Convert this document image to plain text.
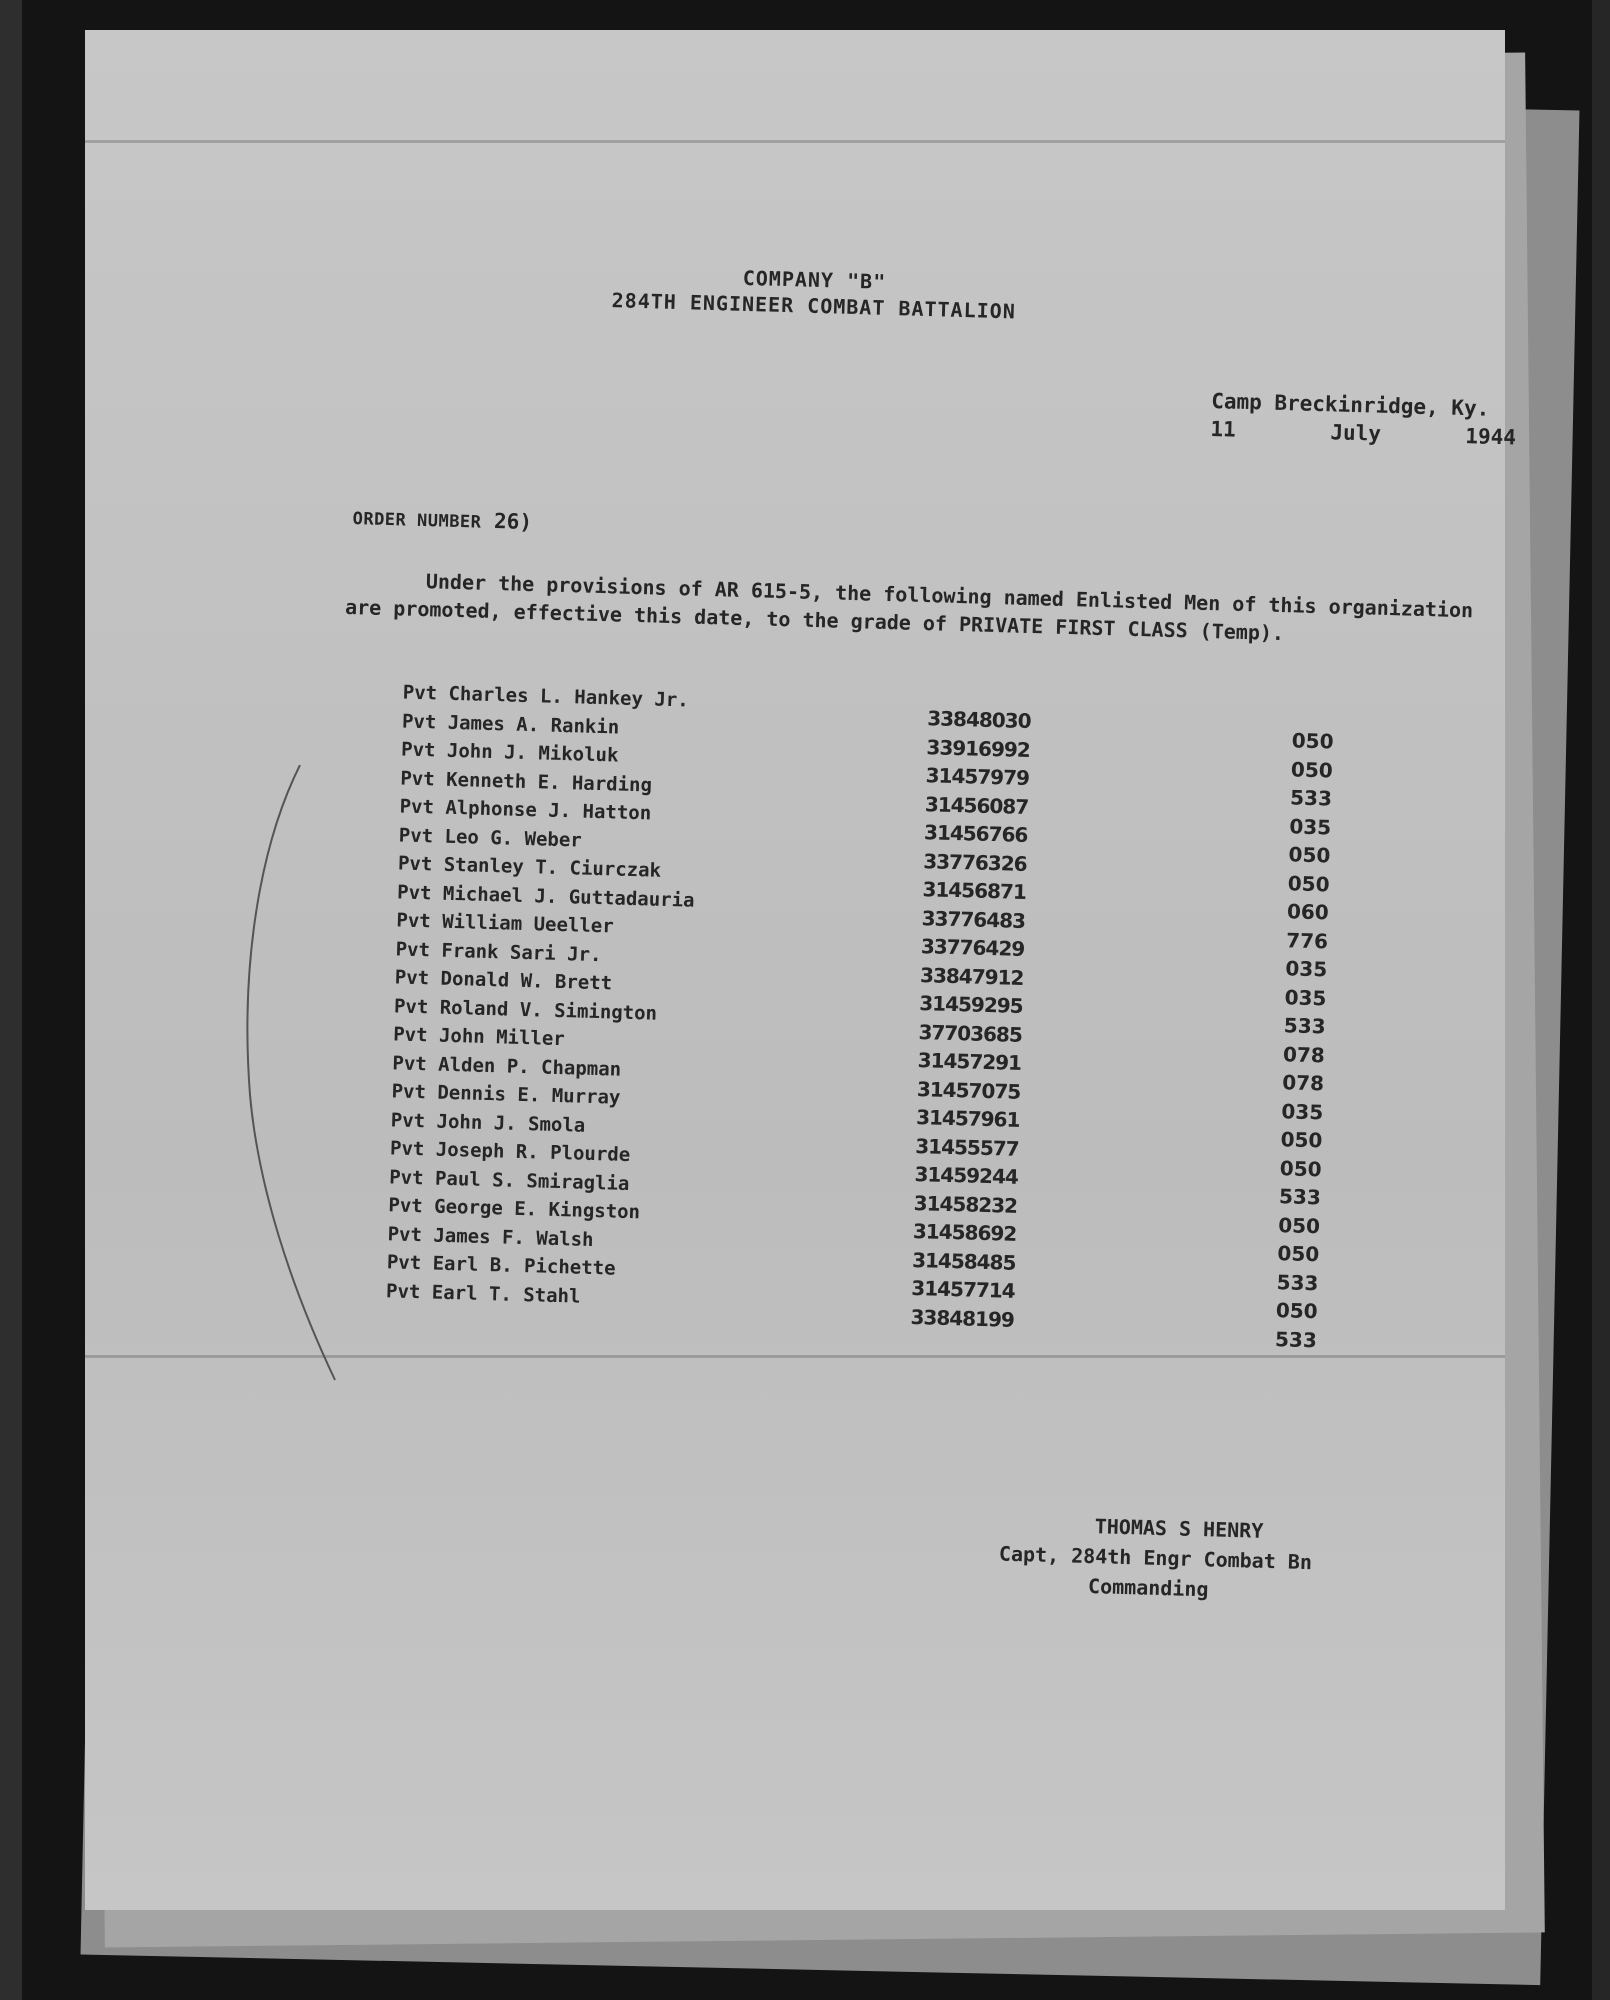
COMPANY "B"
284TH ENGINEER COMBAT BATTALION
Camp Breckinridge, Ky.
11	July	1944
ORDER NUMBER 26)

Under the provisions of AR 615-5, the following named Enlisted Men of this organization are promoted, effective this date, to the grade of PRIVATE FIRST CLASS (Temp).

Pvt Charles L. Hankey Jr.
33848030
050
Pvt James A. Rankin
33916992
050
Pvt John J. Mikoluk
31457979
533
Pvt Kenneth E. Harding
31456087
035
Pvt Alphonse J. Hatton
31456766
050
Pvt Leo G. Weber
33776326
050
Pvt Stanley T. Ciurczak
31456871
060
Pvt Michael J. Guttadauria
33776483
776
Pvt William Ueeller
33776429
035
Pvt Frank Sari Jr.
33847912
035
Pvt Donald W. Brett
31459295
533
Pvt Roland V. Simington
37703685
078
Pvt John Miller
31457291
078
Pvt Alden P. Chapman
31457075
035
Pvt Dennis E. Murray
31457961
050
Pvt John J. Smola
31455577
050
Pvt Joseph R. Plourde
31459244
533
Pvt Paul S. Smiraglia
31458232
050
Pvt George E. Kingston
31458692
050
Pvt James F. Walsh
31458485
533
Pvt Earl B. Pichette
31457714
050
Pvt Earl T. Stahl
33848199
533
THOMAS S HENRY
Capt, 284th Engr Combat Bn
Commanding
